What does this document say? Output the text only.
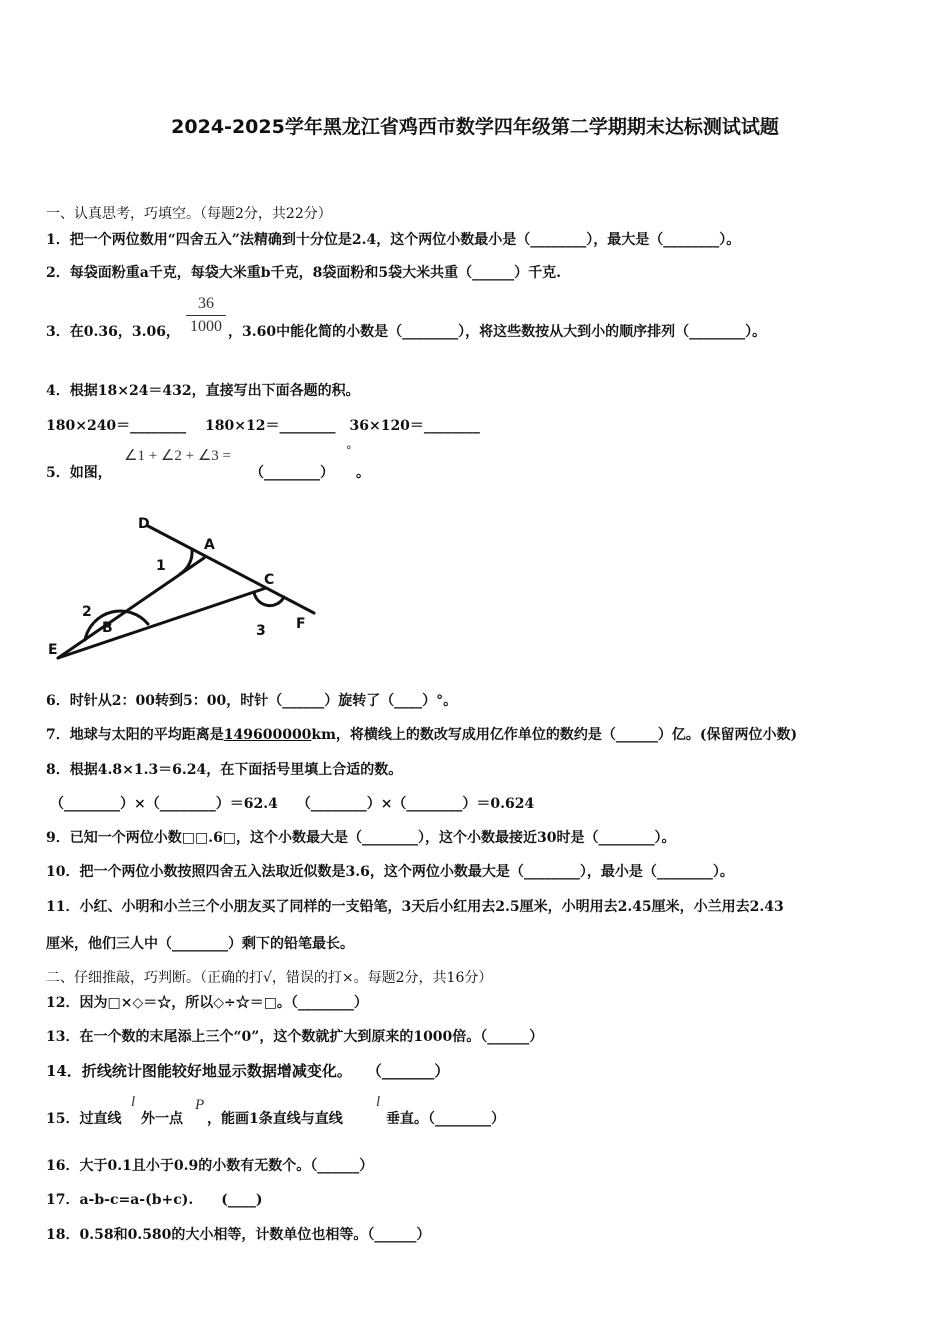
2024-2025学年黑龙江省鸡西市数学四年级第二学期期末达标测试试题
一、认真思考，巧填空。（每题2分，共22分）
1．把一个两位数用“四舍五入”法精确到十分位是2.4，这个两位小数最小是（________），最大是（________）。
2．每袋面粉重a千克，每袋大米重b千克，8袋面粉和5袋大米共重（______）千克.
3．在0.36，3.06，
36
1000 ，3.60中能化简的小数是（________），将这些数按从大到小的顺序排列（________）。
4．根据18×24＝432，直接写出下面各题的积。
180×240＝________　 180×12＝________　36×120＝________
5．如图，
∠1 + ∠2 + ∠3 =
（________）
°
。
D
A
C
F
E
B
1
2
3
6．时针从2：00转到5：00，时针（______）旋转了（____）°。
7．地球与太阳的平均距离是149600000km，将横线上的数改写成用亿作单位的数约是（______）亿。(保留两位小数)
8．根据4.8×1.3＝6.24，在下面括号里填上合适的数。
（________）×（________）＝62.4　 （________）×（________）＝0.624
9．已知一个两位小数□□.6□，这个小数最大是（________），这个小数最接近30时是（________）。
10．把一个两位小数按照四舍五入法取近似数是3.6，这个两位小数最大是（________），最小是（________）。
11．小红、小明和小兰三个小朋友买了同样的一支铅笔，3天后小红用去2.5厘米，小明用去2.45厘米，小兰用去2.43
厘米，他们三人中（________）剩下的铅笔最长。
二、仔细推敲，巧判断。（正确的打√，错误的打×。每题2分，共16分）
12．因为□×◇＝☆，所以◇÷☆＝□。（________）
13．在一个数的末尾添上三个“0”，这个数就扩大到原来的1000倍。（______）
14．折线统计图能较好地显示数据增减变化。　　（_______）
15．过直线
l
外一点
P
，能画1条直线与直线
l
垂直。（________）
16．大于0.1且小于0.9的小数有无数个。（______）
17．a-b-c=a-(b+c).　　(____)
18．0.58和0.580的大小相等，计数单位也相等。（______）
